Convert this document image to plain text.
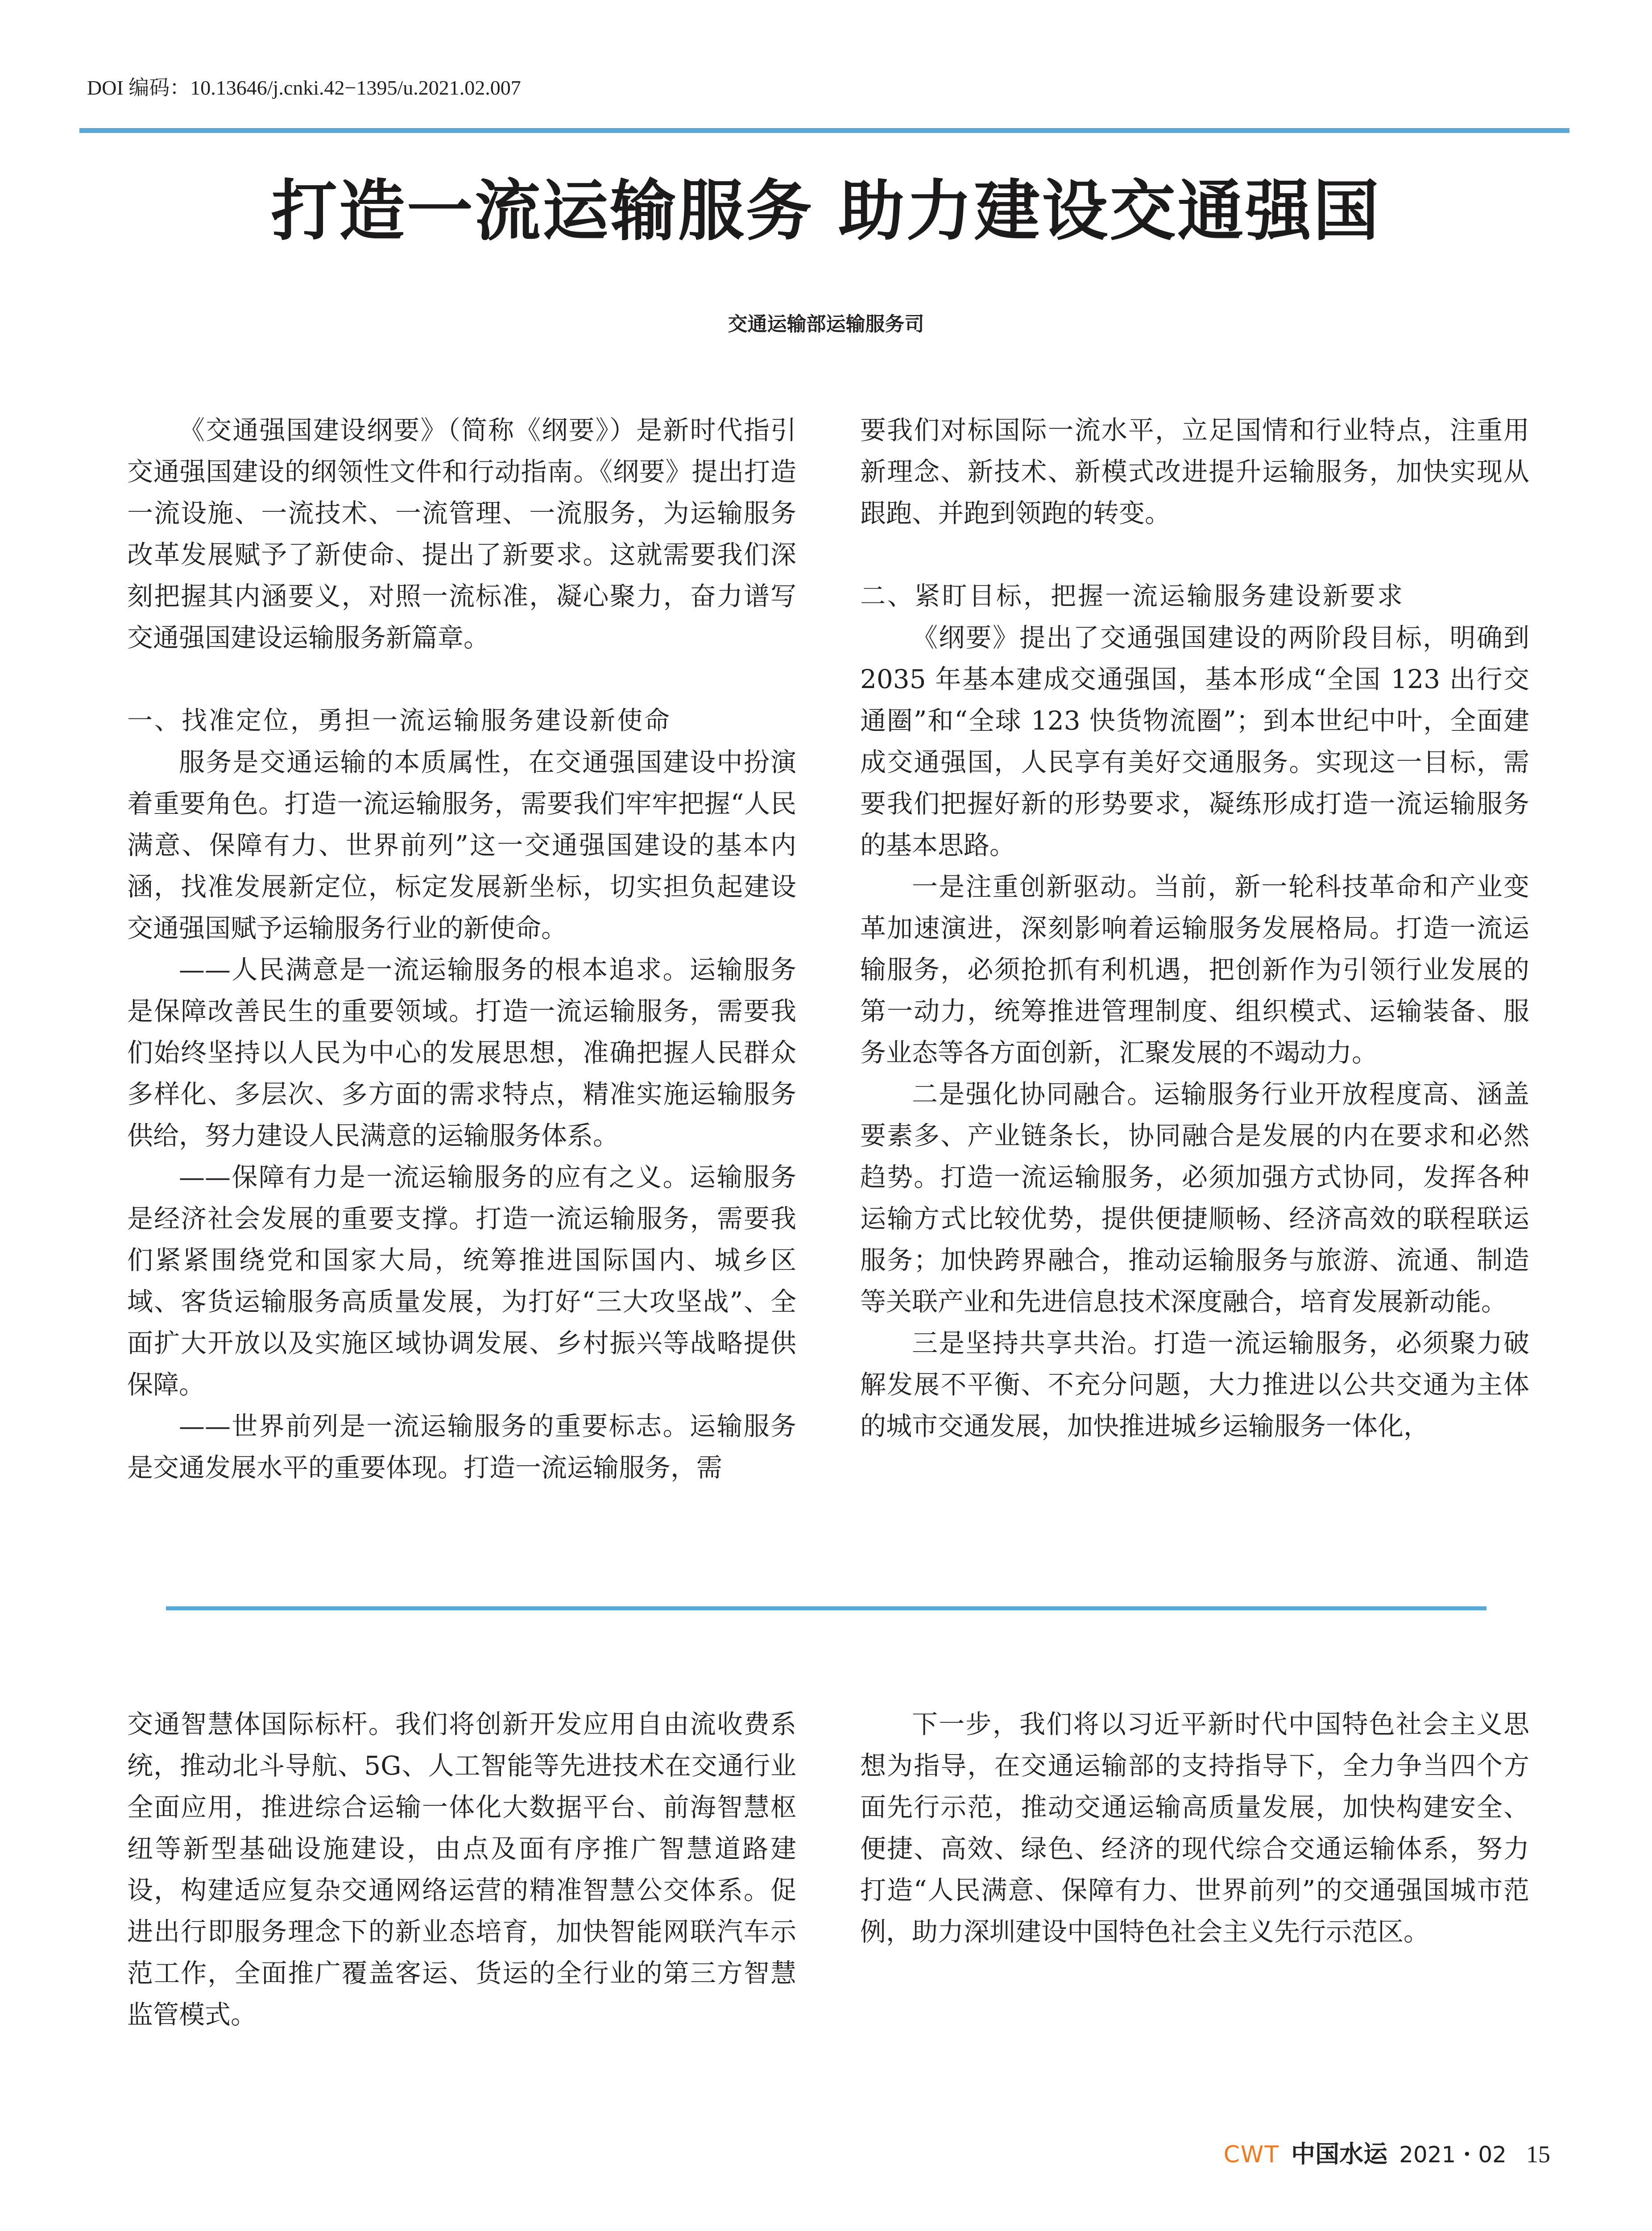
DOI 编码：10.13646/j.cnki.42−1395/u.2021.02.007
打造一流运输服务 助力建设交通强国
交通运输部运输服务司

《交通强国建设纲要》（简称《纲要》）是新时代指引交通强国建设的纲领性文件和行动指南。《纲要》提出打造一流设施、一流技术、一流管理、一流服务，为运输服务改革发展赋予了新使命、提出了新要求。这就需要我们深刻把握其内涵要义，对照一流标准，凝心聚力，奋力谱写交通强国建设运输服务新篇章。

一、找准定位，勇担一流运输服务建设新使命

服务是交通运输的本质属性，在交通强国建设中扮演着重要角色。打造一流运输服务，需要我们牢牢把握“人民满意、保障有力、世界前列”这一交通强国建设的基本内涵，找准发展新定位，标定发展新坐标，切实担负起建设交通强国赋予运输服务行业的新使命。

——人民满意是一流运输服务的根本追求。运输服务是保障改善民生的重要领域。打造一流运输服务，需要我们始终坚持以人民为中心的发展思想，准确把握人民群众多样化、多层次、多方面的需求特点，精准实施运输服务供给，努力建设人民满意的运输服务体系。

——保障有力是一流运输服务的应有之义。运输服务是经济社会发展的重要支撑。打造一流运输服务，需要我们紧紧围绕党和国家大局，统筹推进国际国内、城乡区域、客货运输服务高质量发展，为打好“三大攻坚战”、全面扩大开放以及实施区域协调发展、乡村振兴等战略提供保障。

——世界前列是一流运输服务的重要标志。运输服务是交通发展水平的重要体现。打造一流运输服务，需

要我们对标国际一流水平，立足国情和行业特点，注重用新理念、新技术、新模式改进提升运输服务，加快实现从跟跑、并跑到领跑的转变。

二、紧盯目标，把握一流运输服务建设新要求

《纲要》提出了交通强国建设的两阶段目标，明确到 2035 年基本建成交通强国，基本形成“全国 123 出行交通圈”和“全球 123 快货物流圈”；到本世纪中叶，全面建成交通强国，人民享有美好交通服务。实现这一目标，需要我们把握好新的形势要求，凝练形成打造一流运输服务的基本思路。

一是注重创新驱动。当前，新一轮科技革命和产业变革加速演进，深刻影响着运输服务发展格局。打造一流运输服务，必须抢抓有利机遇，把创新作为引领行业发展的第一动力，统筹推进管理制度、组织模式、运输装备、服务业态等各方面创新，汇聚发展的不竭动力。

二是强化协同融合。运输服务行业开放程度高、涵盖要素多、产业链条长，协同融合是发展的内在要求和必然趋势。打造一流运输服务，必须加强方式协同，发挥各种运输方式比较优势，提供便捷顺畅、经济高效的联程联运服务；加快跨界融合，推动运输服务与旅游、流通、制造等关联产业和先进信息技术深度融合，培育发展新动能。

三是坚持共享共治。打造一流运输服务，必须聚力破解发展不平衡、不充分问题，大力推进以公共交通为主体的城市交通发展，加快推进城乡运输服务一体化，

交通智慧体国际标杆。我们将创新开发应用自由流收费系统，推动北斗导航、5G、人工智能等先进技术在交通行业全面应用，推进综合运输一体化大数据平台、前海智慧枢纽等新型基础设施建设，由点及面有序推广智慧道路建设，构建适应复杂交通网络运营的精准智慧公交体系。促进出行即服务理念下的新业态培育，加快智能网联汽车示范工作，全面推广覆盖客运、货运的全行业的第三方智慧监管模式。

下一步，我们将以习近平新时代中国特色社会主义思想为指导，在交通运输部的支持指导下，全力争当四个方面先行示范，推动交通运输高质量发展，加快构建安全、便捷、高效、绿色、经济的现代综合交通运输体系，努力打造“人民满意、保障有力、世界前列”的交通强国城市范例，助力深圳建设中国特色社会主义先行示范区。

CWT 中国水运 2021・02 15
